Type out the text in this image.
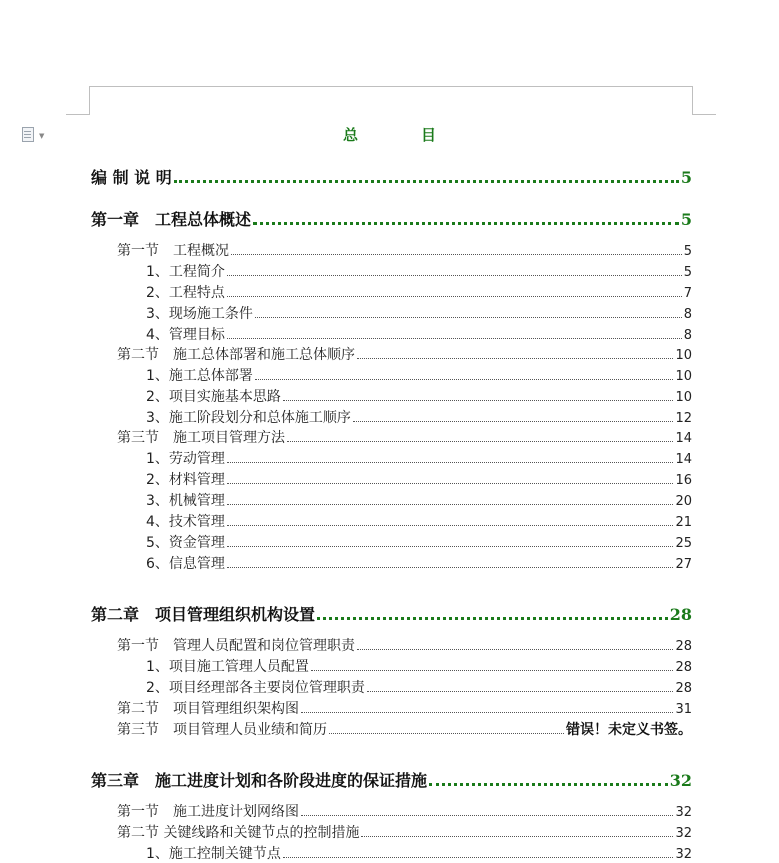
▼	总　目
编 制 说 明	5
第一章　工程总体概述	5
第一节　工程概况	5
1、工程简介	5
2、工程特点	7
3、现场施工条件	8
4、管理目标	8
第二节　施工总体部署和施工总体顺序	10
1、施工总体部署	10
2、项目实施基本思路	10
3、施工阶段划分和总体施工顺序	12
第三节　施工项目管理方法	14
1、劳动管理	14
2、材料管理	16
3、机械管理	20
4、技术管理	21
5、资金管理	25
6、信息管理	27
第二章　项目管理组织机构设置	28
第一节　管理人员配置和岗位管理职责	28
1、项目施工管理人员配置	28
2、项目经理部各主要岗位管理职责	28
第二节　项目管理组织架构图	31
第三节　项目管理人员业绩和简历	错误！未定义书签。
第三章　施工进度计划和各阶段进度的保证措施	32
第一节　施工进度计划网络图	32
第二节 关键线路和关键节点的控制措施	32
1、施工控制关键节点	32
